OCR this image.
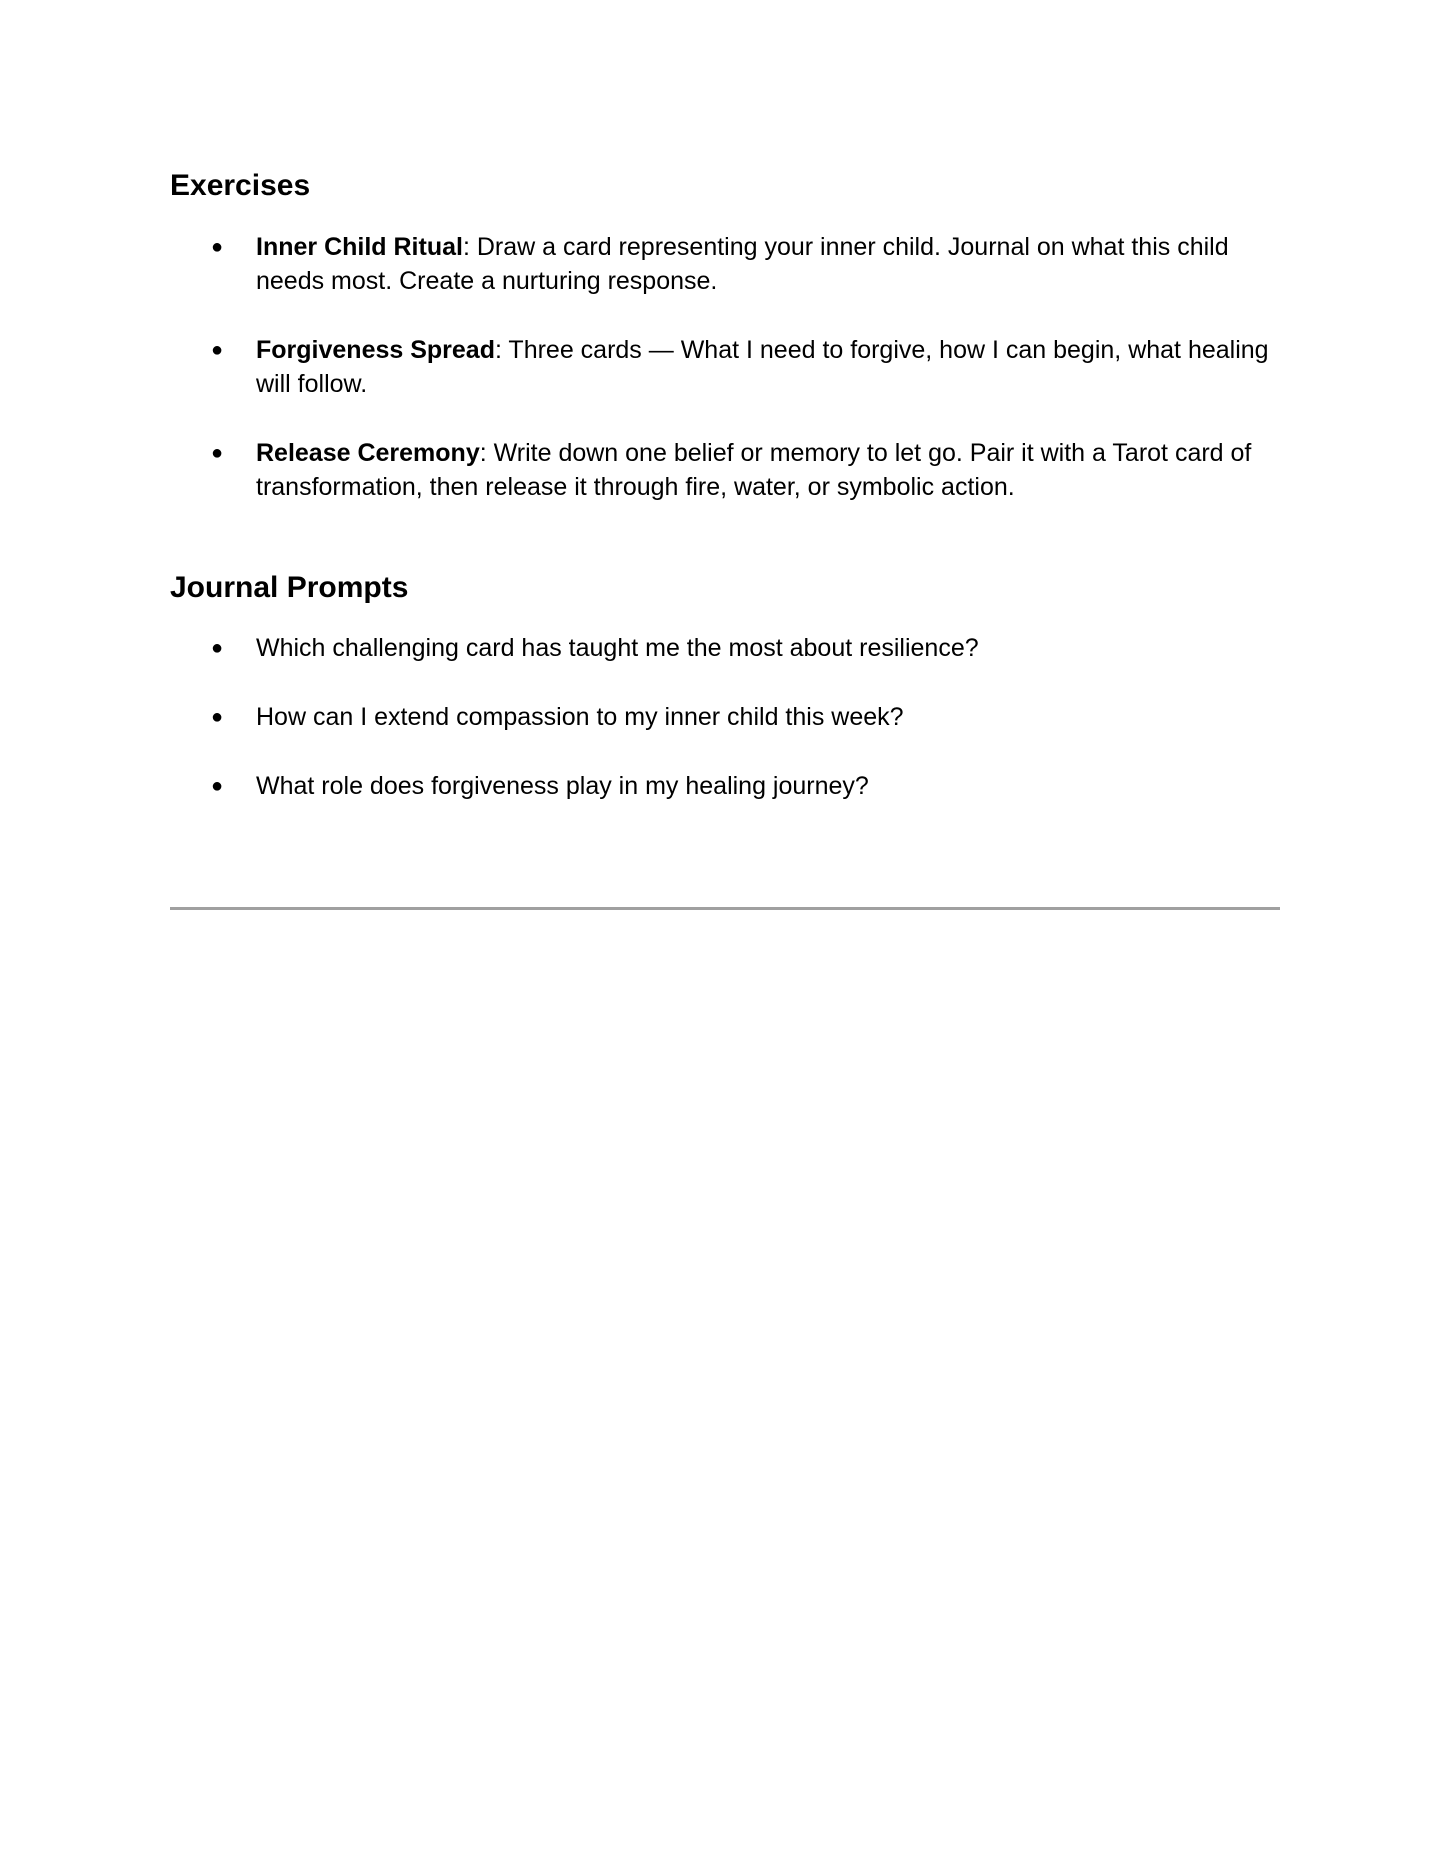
Exercises
● Inner Child Ritual: Draw a card representing your inner child. Journal on what this child needs most. Create a nurturing response.
● Forgiveness Spread: Three cards — What I need to forgive, how I can begin, what healing will follow.
● Release Ceremony: Write down one belief or memory to let go. Pair it with a Tarot card of transformation, then release it through fire, water, or symbolic action.
Journal Prompts
● Which challenging card has taught me the most about resilience?
● How can I extend compassion to my inner child this week?
● What role does forgiveness play in my healing journey?
